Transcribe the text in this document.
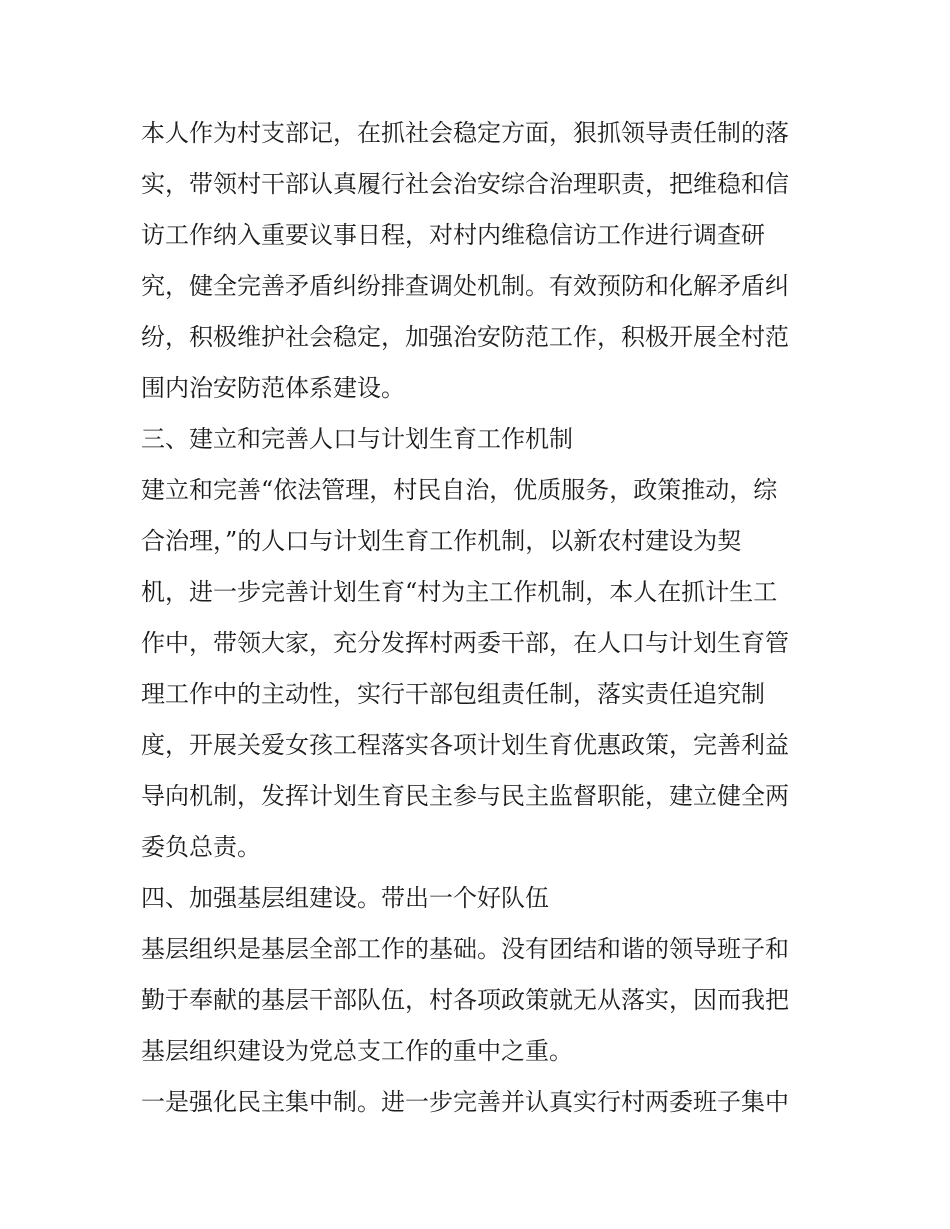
本人作为村支部记，在抓社会稳定方面，狠抓领导责任制的落
实，带领村干部认真履行社会治安综合治理职责，把维稳和信
访工作纳入重要议事日程，对村内维稳信访工作进行调查研
究，健全完善矛盾纠纷排查调处机制。有效预防和化解矛盾纠
纷，积极维护社会稳定，加强治安防范工作，积极开展全村范
围内治安防范体系建设。
三、建立和完善人口与计划生育工作机制
建立和完善“依法管理，村民自治，优质服务，政策推动，综
合治理，”的人口与计划生育工作机制，以新农村建设为契
机，进一步完善计划生育“村为主工作机制，本人在抓计生工
作中，带领大家，充分发挥村两委干部，在人口与计划生育管
理工作中的主动性，实行干部包组责任制，落实责任追究制
度，开展关爱女孩工程落实各项计划生育优惠政策，完善利益
导向机制，发挥计划生育民主参与民主监督职能，建立健全两
委负总责。
四、加强基层组建设。带出一个好队伍
基层组织是基层全部工作的基础。没有团结和谐的领导班子和
勤于奉献的基层干部队伍，村各项政策就无从落实，因而我把
基层组织建设为党总支工作的重中之重。
一是强化民主集中制。进一步完善并认真实行村两委班子集中
